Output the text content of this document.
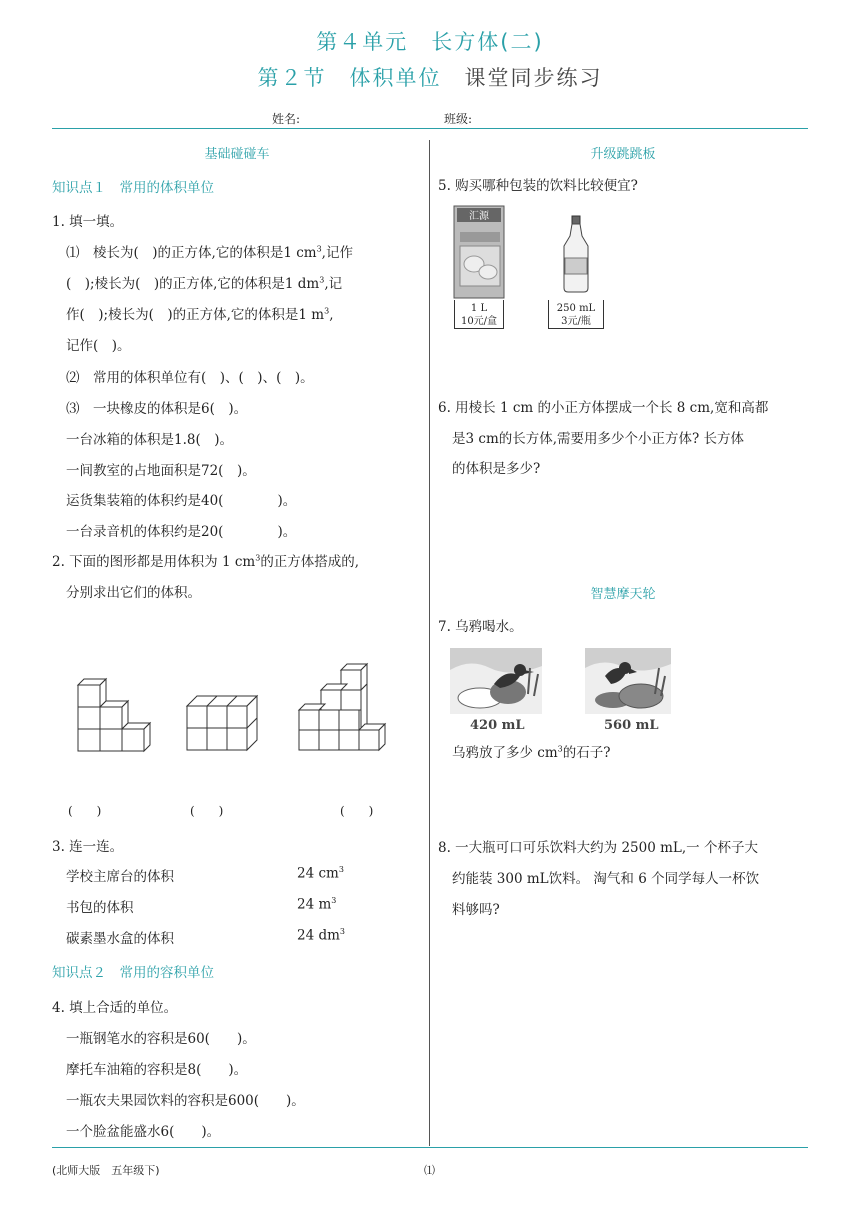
第４单元　长方体(二)
第２节　体积单位　 课堂同步练习
姓名:	班级:
基础碰碰车
知识点１　常用的体积单位
1. 填一填。
⑴　棱长为(　)的正方体,它的体积是1 $cm^3$,记作
(　);棱长为(　)的正方体,它的体积是1 $dm^3$,记
作(　);棱长为(　)的正方体,它的体积是1 $m^3$,
记作(　)。
⑵　常用的体积单位有(　)、(　)、(　)。
⑶　一块橡皮的体积是6(　)。
一台冰箱的体积是1.8(　)。
一间教室的占地面积是72(　)。
运货集装箱的体积约是40(　　　　)。
一台录音机的体积约是20(　　　　)。
2. 下面的图形都是用体积为 1 $cm^3$的正方体搭成的,
分别求出它们的体积。
(　　)	(　　)	(　　)
3. 连一连。
学校主席台的体积
书包的体积
碳素墨水盒的体积
24 $cm^3$
24 $m^3$
24 $dm^3$
知识点２　常用的容积单位
4. 填上合适的单位。
一瓶钢笔水的容积是60(　　)。
摩托车油箱的容积是8(　　)。
一瓶农夫果园饮料的容积是600(　　)。
一个脸盆能盛水6(　　)。
升级跳跳板
5. 购买哪种包装的饮料比较便宜?
汇源
1 L
10元/盒
250 mL
3元/瓶
6. 用棱长 1 cm 的小正方体摆成一个长 8 cm,宽和高都
是3 cm的长方体,需要用多少个小正方体? 长方体
的体积是多少?
智慧摩天轮
7. 乌鸦喝水。
420 mL	560 mL
乌鸦放了多少 $cm^3$的石子?
8. 一大瓶可口可乐饮料大约为 2500 mL,一 个杯子大
约能装 300 mL饮料。 淘气和 6 个同学每人一杯饮
料够吗?
(北师大版　五年级下)	⑴
